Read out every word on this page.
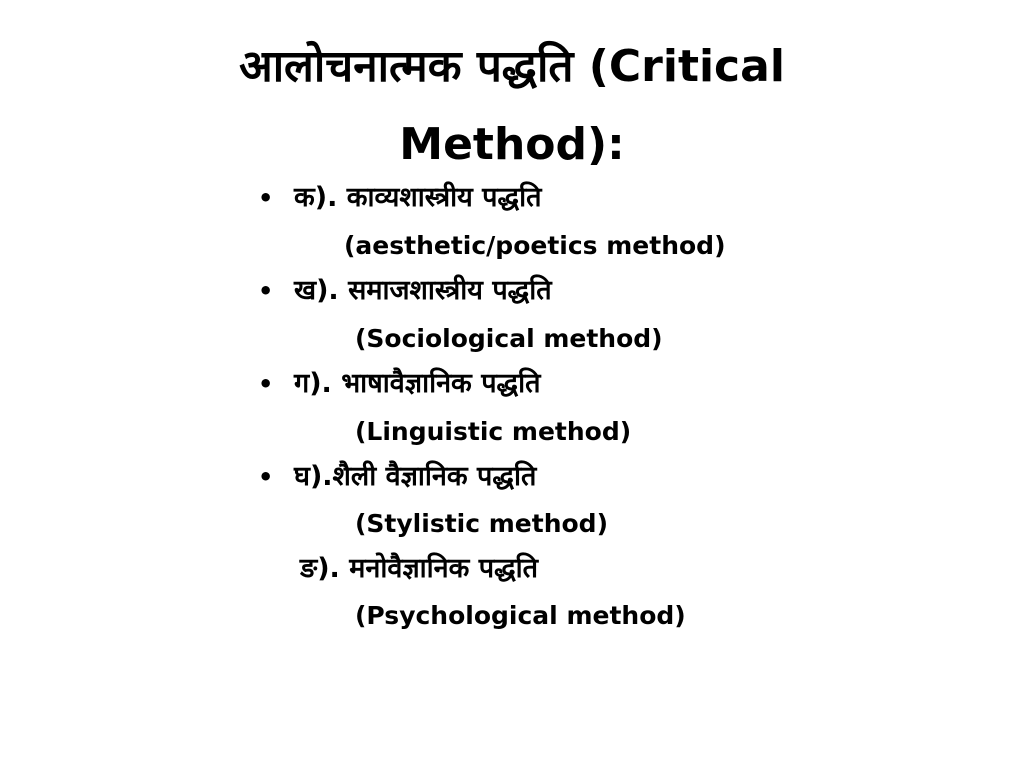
आलोचनात्मक पद्धति (Critical
Method):
• क). काव्यशास्त्रीय पद्धति
(aesthetic/poetics method)
• ख). समाजशास्त्रीय पद्धति
(Sociological method)
• ग). भाषावैज्ञानिक पद्धति
(Linguistic method)
• घ).शैली वैज्ञानिक पद्धति
(Stylistic method)
ङ). मनोवैज्ञानिक पद्धति
(Psychological method)
